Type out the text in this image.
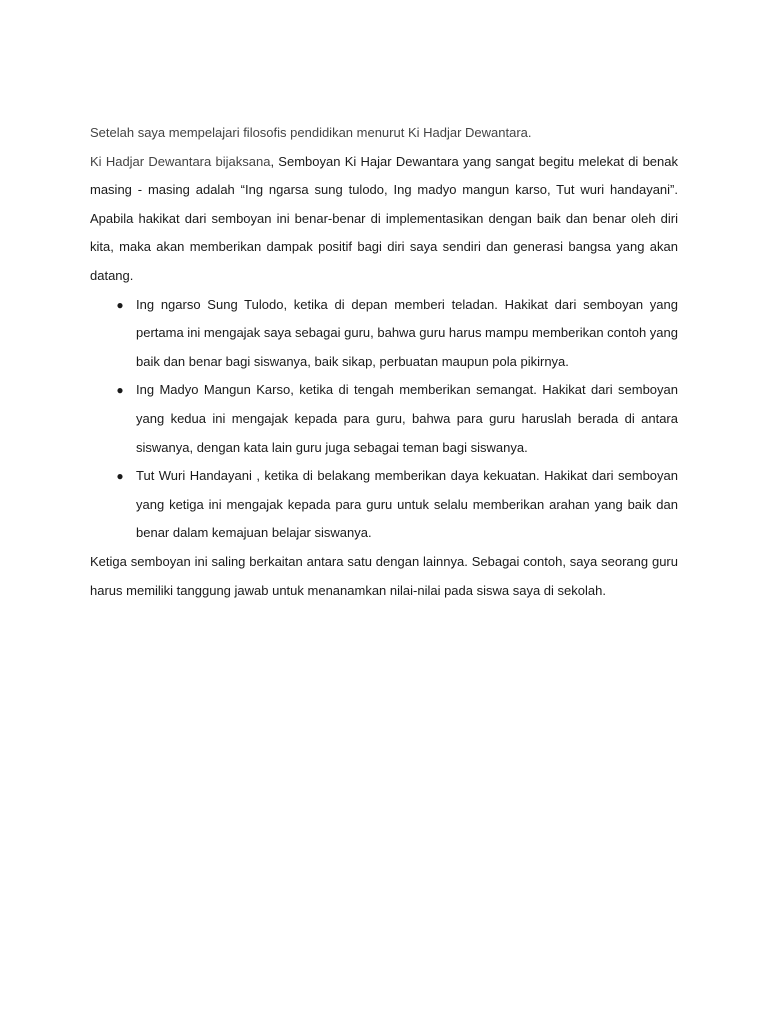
Setelah saya mempelajari filosofis pendidikan menurut Ki Hadjar Dewantara.

Ki Hadjar Dewantara bijaksana, Semboyan Ki Hajar Dewantara yang sangat begitu melekat di benak masing - masing adalah “Ing ngarsa sung tulodo, Ing madyo mangun karso, Tut wuri handayani”. Apabila hakikat dari semboyan ini benar-benar di implementasikan dengan baik dan benar oleh diri kita, maka akan memberikan dampak positif bagi diri saya sendiri dan generasi bangsa yang akan datang.

● Ing ngarso Sung Tulodo, ketika di depan memberi teladan. Hakikat dari semboyan yang pertama ini mengajak saya sebagai guru, bahwa guru harus mampu memberikan contoh yang baik dan benar bagi siswanya, baik sikap, perbuatan maupun pola pikirnya.
● Ing Madyo Mangun Karso, ketika di tengah memberikan semangat. Hakikat dari semboyan yang kedua ini mengajak kepada para guru, bahwa para guru haruslah berada di antara siswanya, dengan kata lain guru juga sebagai teman bagi siswanya.
● Tut Wuri Handayani , ketika di belakang memberikan daya kekuatan. Hakikat dari semboyan yang ketiga ini mengajak kepada para guru untuk selalu memberikan arahan yang baik dan benar dalam kemajuan belajar siswanya.

Ketiga semboyan ini saling berkaitan antara satu dengan lainnya. Sebagai contoh, saya seorang guru harus memiliki tanggung jawab untuk menanamkan nilai-nilai pada siswa saya di sekolah.
